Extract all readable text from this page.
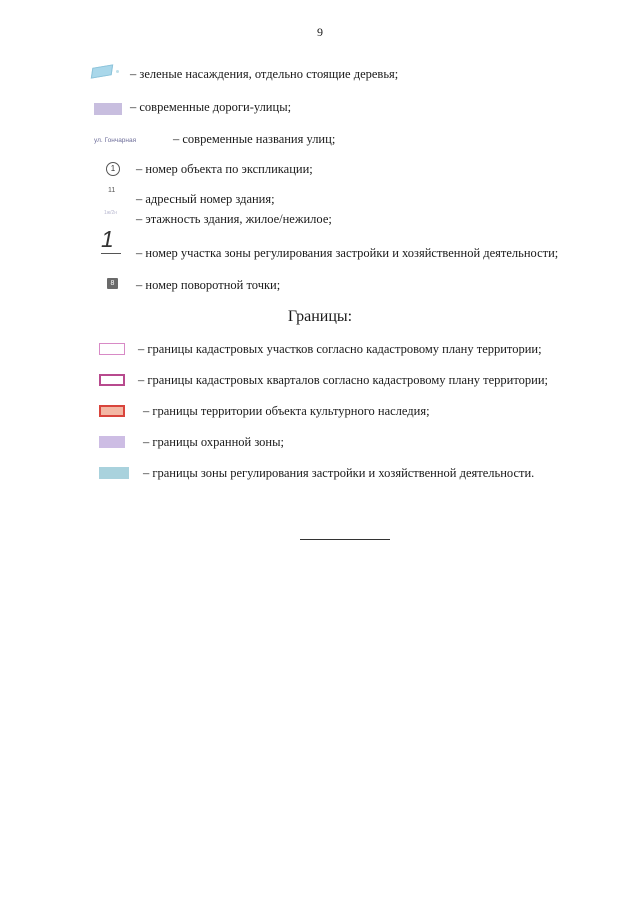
9
– зеленые насаждения, отдельно стоящие деревья;
– современные дороги-улицы;
ул. Гончарная	– современные названия улиц;
1	– номер объекта по экспликации;
11
– адресный номер здания;
1ж/2н – этажность здания, жилое/нежилое;
1
– номер участка зоны регулирования застройки и хозяйственной деятельности;
8 – номер поворотной точки;
Границы:
– границы кадастровых участков согласно кадастровому плану территории;
– границы кадастровых кварталов согласно кадастровому плану территории;
– границы территории объекта культурного наследия;
– границы охранной зоны;
– границы зоны регулирования застройки и хозяйственной деятельности.
